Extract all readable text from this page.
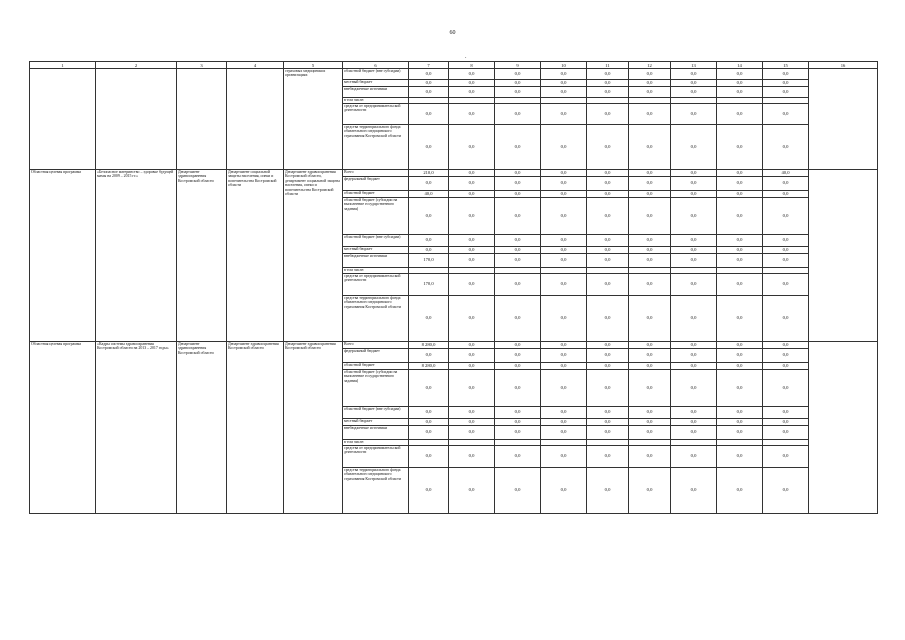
60
.
1	2	3	4	5	6	7	8	9	10	11	12	13	14	15	16
				страховых медицинских организациях	областной бюджет (вне субсидии)	0,0	0,0	0,0	0,0	0,0	0,0	0,0	0,0	0,0	
					местный бюджет	0,0	0,0	0,0	0,0	0,0	0,0	0,0	0,0	0,0	
					внебюджетные источники	0,0	0,0	0,0	0,0	0,0	0,0	0,0	0,0	0,0	
					в том числе:										
					средства от предпринимательской деятельности	0,0	0,0	0,0	0,0	0,0	0,0	0,0	0,0	0,0	
					средства территориального фонда обязательного медицинского страхования Костромской области	0,0	0,0	0,0	0,0	0,0	0,0	0,0	0,0	0,0	
Областная целевая программа	«Безопасное материнство – здоровье будущей мамы на 2009 – 2015 гг.»	Департамент здравоохранения Костромской области	Департамент социальной защиты населения, опеки и попечительства Костромской области	Департамент здравоохранения Костромской области, департамент социальной защиты населения, опеки и попечительства Костромской области	Всего	210,0	0,0	0,0	0,0	0,0	0,0	0,0	0,0	40,0	
					федеральный бюджет	0,0	0,0	0,0	0,0	0,0	0,0	0,0	0,0	0,0	
					областной бюджет	40,0	0,0	0,0	0,0	0,0	0,0	0,0	0,0	0,0	
					областной бюджет (субсидии на выполнение государственного задания)	0,0	0,0	0,0	0,0	0,0	0,0	0,0	0,0	0,0	
					областной бюджет (вне субсидии)	0,0	0,0	0,0	0,0	0,0	0,0	0,0	0,0	0,0	
					местный бюджет	0,0	0,0	0,0	0,0	0,0	0,0	0,0	0,0	0,0	
					внебюджетные источники	170,0	0,0	0,0	0,0	0,0	0,0	0,0	0,0	0,0	
					в том числе:										
					средства от предпринимательской деятельности	170,0	0,0	0,0	0,0	0,0	0,0	0,0	0,0	0,0	
					средства территориального фонда обязательного медицинского страхования Костромской области	0,0	0,0	0,0	0,0	0,0	0,0	0,0	0,0	0,0	
Областная целевая программа	«Кадры системы здравоохранения Костромской области на 2013 – 2017 годы»	Департамент здравоохранения Костромской области	Департамент здравоохранения Костромской области	Департамент здравоохранения Костромской области	Всего	8 280,0	0,0	0,0	0,0	0,0	0,0	0,0	0,0	0,0	
					федеральный бюджет	0,0	0,0	0,0	0,0	0,0	0,0	0,0	0,0	0,0	
					областной бюджет	8 280,0	0,0	0,0	0,0	0,0	0,0	0,0	0,0	0,0	
					областной бюджет (субсидии на выполнение государственного задания)	0,0	0,0	0,0	0,0	0,0	0,0	0,0	0,0	0,0	
					областной бюджет (вне субсидии)	0,0	0,0	0,0	0,0	0,0	0,0	0,0	0,0	0,0	
					местный бюджет	0,0	0,0	0,0	0,0	0,0	0,0	0,0	0,0	0,0	
					внебюджетные источники	0,0	0,0	0,0	0,0	0,0	0,0	0,0	0,0	0,0	
					в том числе:										
					средства от предпринимательской деятельности	0,0	0,0	0,0	0,0	0,0	0,0	0,0	0,0	0,0	
					средства территориального фонда обязательного медицинского страхования Костромской области	0,0	0,0	0,0	0,0	0,0	0,0	0,0	0,0	0,0	
